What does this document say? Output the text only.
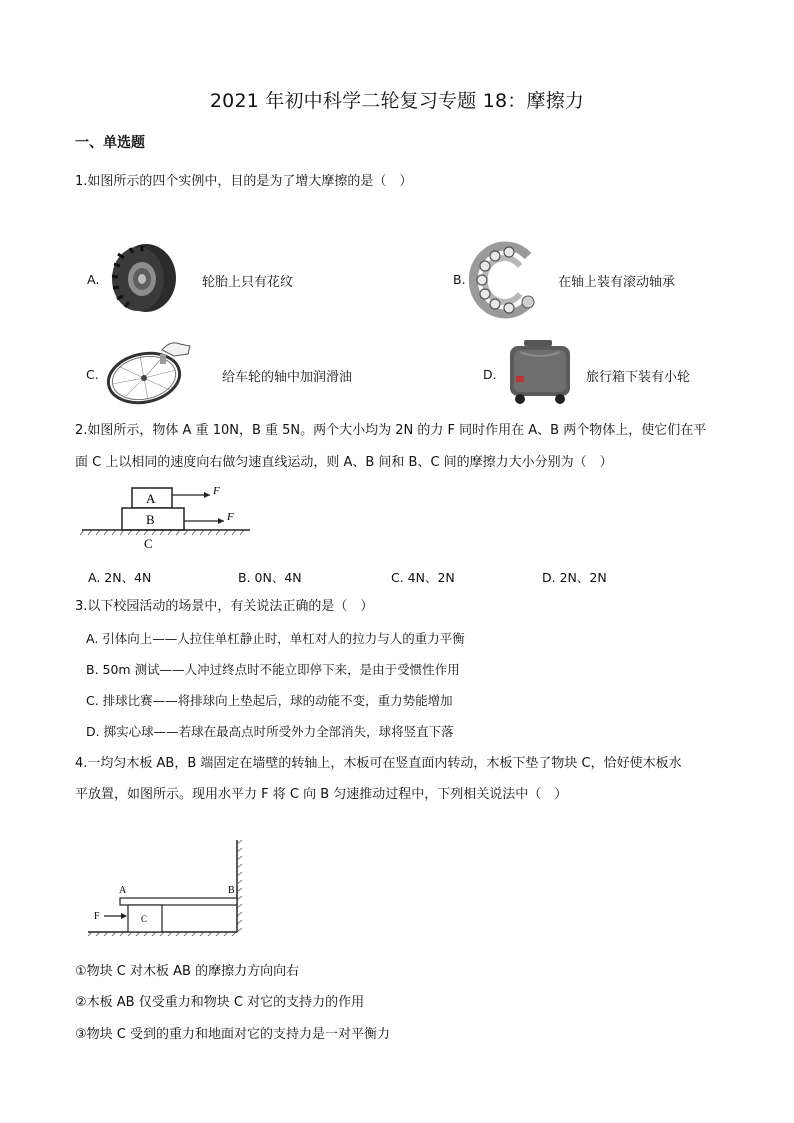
2021 年初中科学二轮复习专题 18：摩擦力
一、单选题
1.如图所示的四个实例中，目的是为了增大摩擦的是（　）
A.	轮胎上只有花纹	B.	在轴上装有滚动轴承
C.	给车轮的轴中加润滑油	D.	旅行箱下装有小轮
2.如图所示，物体 A 重 10N，B 重 5N。两个大小均为 2N 的力 F 同时作用在 A、B 两个物体上，使它们在平
面 C 上以相同的速度向右做匀速直线运动，则 A、B 间和 B、C 间的摩擦力大小分别为（　）
A
B
C
F
F
A. 2N、4N	B. 0N、4N	C. 4N、2N	D. 2N、2N
3.以下校园活动的场景中，有关说法正确的是（　）
A. 引体向上——人拉住单杠静止时，单杠对人的拉力与人的重力平衡
B. 50m 测试——人冲过终点时不能立即停下来，是由于受惯性作用
C. 排球比赛——将排球向上垫起后，球的动能不变，重力势能增加
D. 掷实心球——若球在最高点时所受外力全部消失，球将竖直下落
4.一均匀木板 AB，B 端固定在墙壁的转轴上，木板可在竖直面内转动，木板下垫了物块 C，恰好使木板水
平放置，如图所示。现用水平力 F 将 C 向 B 匀速推动过程中，下列相关说法中（　）
A	B
C
F
①物块 C 对木板 AB 的摩擦力方向向右
②木板 AB 仅受重力和物块 C 对它的支持力的作用
③物块 C 受到的重力和地面对它的支持力是一对平衡力
